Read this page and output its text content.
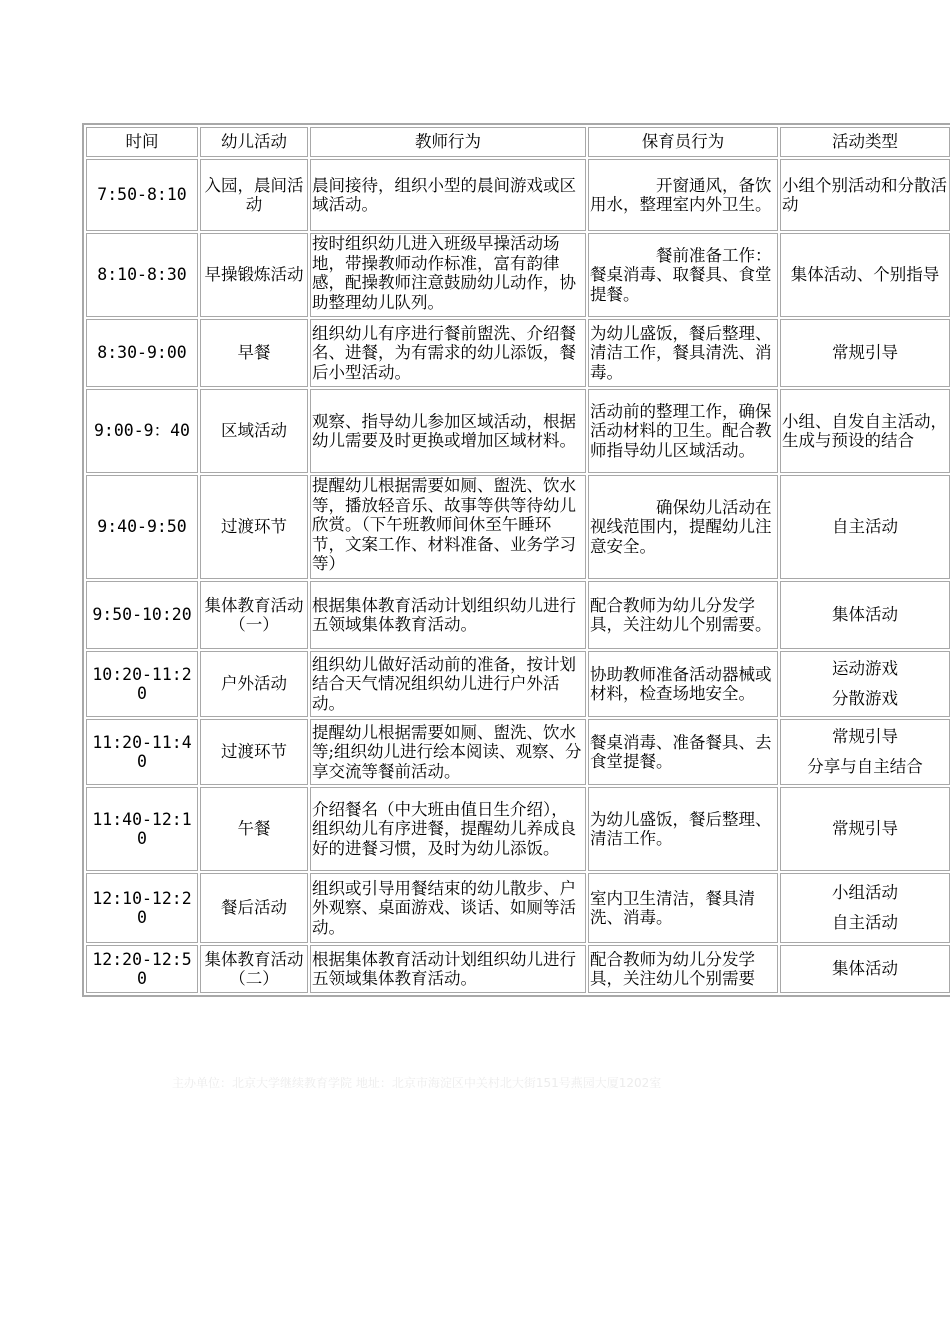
时间	幼儿活动	教师行为	保育员行为	活动类型
7:50-8:10	入园，晨间活动	晨间接待，组织小型的晨间游戏或区域活动。	开窗通风，备饮用水，整理室内外卫生。	小组个别活动和分散活动
8:10-8:30	早操锻炼活动	按时组织幼儿进入班级早操活动场地，带操教师动作标准，富有韵律感，配操教师注意鼓励幼儿动作，协助整理幼儿队列。	餐前准备工作：餐桌消毒、取餐具、食堂提餐。	集体活动、个别指导
8:30-9:00	早餐	组织幼儿有序进行餐前盥洗、介绍餐名、进餐，为有需求的幼儿添饭，餐后小型活动。	为幼儿盛饭，餐后整理、清洁工作，餐具清洗、消毒。	常规引导
9:00-9：40	区域活动	观察、指导幼儿参加区域活动，根据幼儿需要及时更换或增加区域材料。	活动前的整理工作，确保活动材料的卫生。配合教师指导幼儿区域活动。	小组、自发自主活动，生成与预设的结合
9:40-9:50	过渡环节	提醒幼儿根据需要如厕、盥洗、饮水等，播放轻音乐、故事等供等待幼儿欣赏。（下午班教师间休至午睡环节，文案工作、材料准备、业务学习等）	确保幼儿活动在视线范围内，提醒幼儿注意安全。	自主活动
9:50-10:20	集体教育活动（一）	根据集体教育活动计划组织幼儿进行五领域集体教育活动。	配合教师为幼儿分发学具，关注幼儿个别需要。	集体活动
10:20-11:20	户外活动	组织幼儿做好活动前的准备，按计划结合天气情况组织幼儿进行户外活动。	协助教师准备活动器械或材料，检查场地安全。	运动游戏
分散游戏

11:20-11:40	过渡环节	提醒幼儿根据需要如厕、盥洗、饮水等;组织幼儿进行绘本阅读、观察、分享交流等餐前活动。	餐桌消毒、准备餐具、去食堂提餐。	常规引导
分享与自主结合

11:40-12:10	午餐	介绍餐名（中大班由值日生介绍），组织幼儿有序进餐，提醒幼儿养成良好的进餐习惯，及时为幼儿添饭。	为幼儿盛饭，餐后整理、清洁工作。	常规引导
12:10-12:20	餐后活动	组织或引导用餐结束的幼儿散步、户外观察、桌面游戏、谈话、如厕等活动。	室内卫生清洁，餐具清洗、消毒。	小组活动
自主活动

12:20-12:50	集体教育活动（二）	根据集体教育活动计划组织幼儿进行五领域集体教育活动。	配合教师为幼儿分发学具，关注幼儿个别需要	集体活动
主办单位：北京大学继续教育学院 地址：北京市海淀区中关村北大街151号燕园大厦1202室
